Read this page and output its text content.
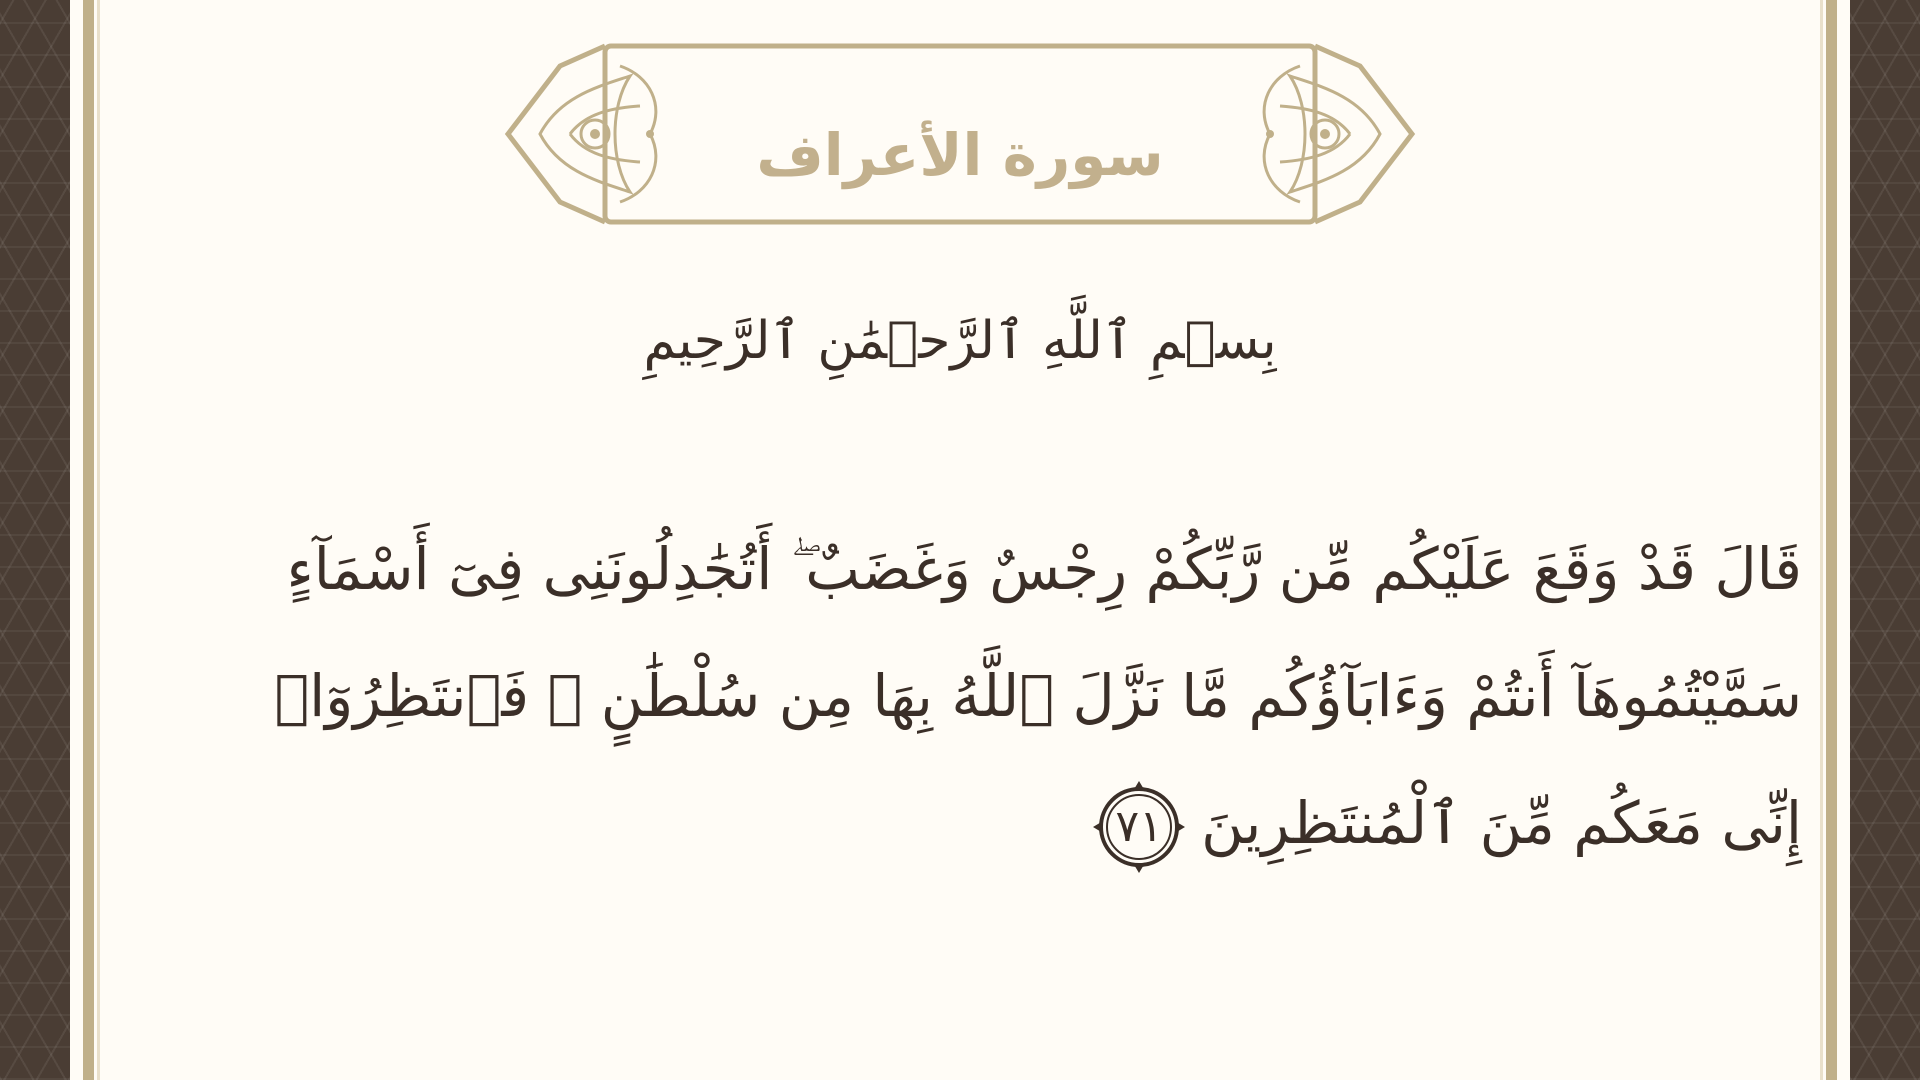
سورة الأعراف
بِسۡمِ ٱللَّهِ ٱلرَّحۡمَٰنِ ٱلرَّحِيمِ
قَالَ قَدْ وَقَعَ عَلَيْكُم مِّن رَّبِّكُمْ رِجْسٌ وَغَضَبٌ ۖ أَتُجَٰدِلُونَنِى فِىٓ أَسْمَآءٍ
سَمَّيْتُمُوهَآ أَنتُمْ وَءَابَآؤُكُم مَّا نَزَّلَ ٱللَّهُ بِهَا مِن سُلْطَٰنٍ ۚ فَٱنتَظِرُوٓا۟
إِنِّى مَعَكُم مِّنَ ٱلْمُنتَظِرِينَ
٧١
